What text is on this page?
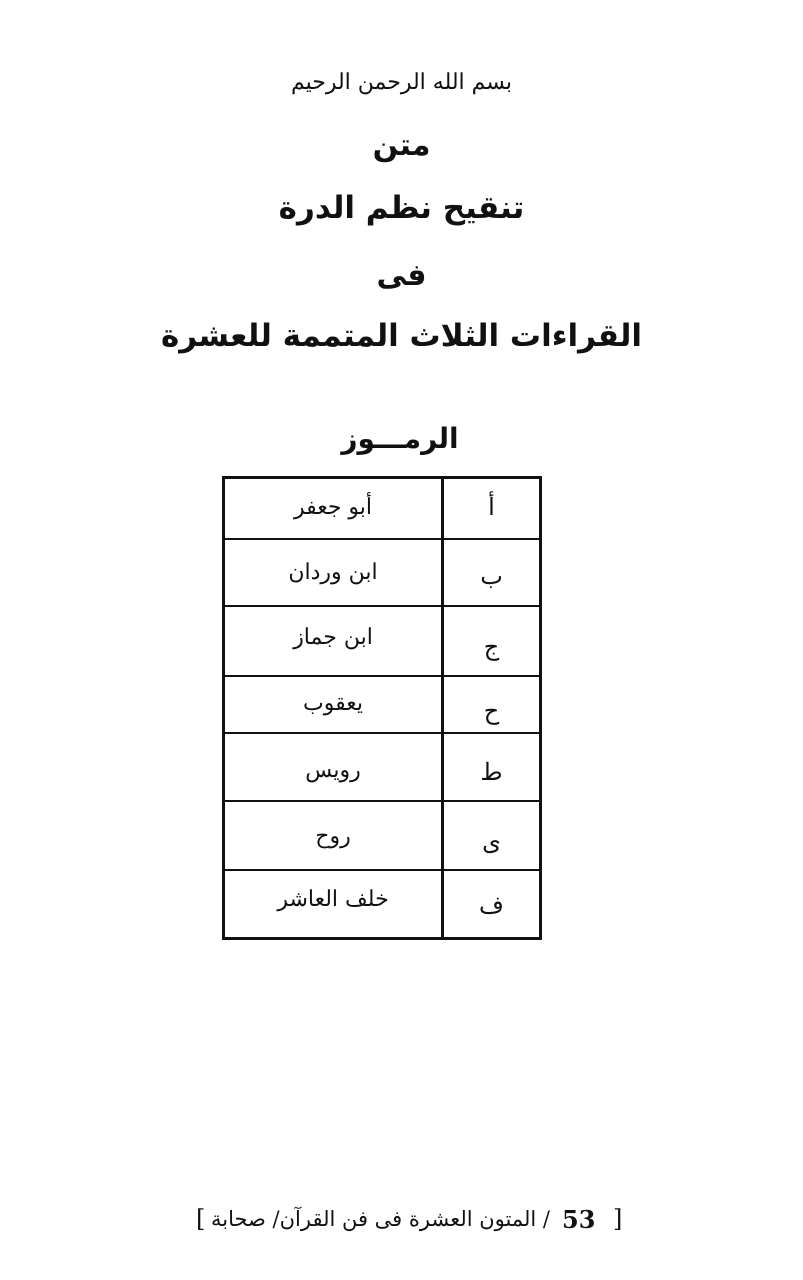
بسم الله الرحمن الرحيم
متن
تنقيح نظم الدرة
فى
القراءات الثلاث المتممة للعشرة
الرمـــوز
أبو جعفر	أ
ابن وردان	ب
ابن جماز	ج
يعقوب	ح
رويس	ط
روح	ى
خلف العاشر	ف
[
53
/ المتون العشرة فى فن القرآن/ صحابة
]
